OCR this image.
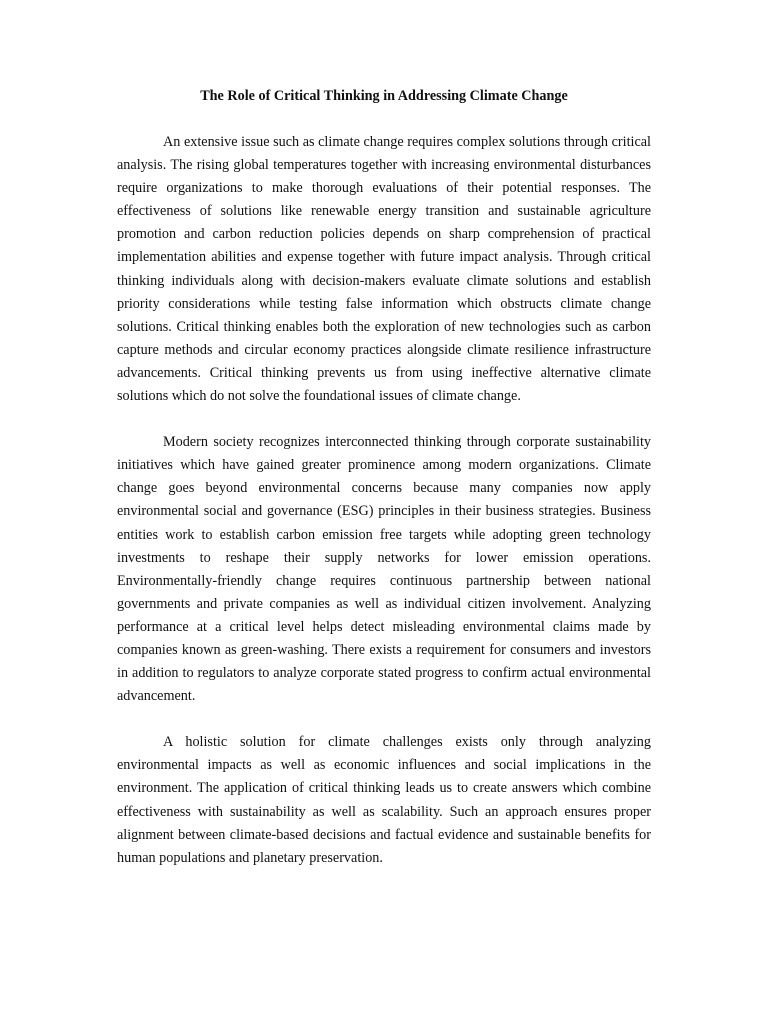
The Role of Critical Thinking in Addressing Climate Change

An extensive issue such as climate change requires complex solutions through critical analysis. The rising global temperatures together with increasing environmental disturbances require organizations to make thorough evaluations of their potential responses. The effectiveness of solutions like renewable energy transition and sustainable agriculture promotion and carbon reduction policies depends on sharp comprehension of practical implementation abilities and expense together with future impact analysis. Through critical thinking individuals along with decision-makers evaluate climate solutions and establish priority considerations while testing false information which obstructs climate change solutions. Critical thinking enables both the exploration of new technologies such as carbon capture methods and circular economy practices alongside climate resilience infrastructure advancements. Critical thinking prevents us from using ineffective alternative climate solutions which do not solve the foundational issues of climate change.

Modern society recognizes interconnected thinking through corporate sustainability initiatives which have gained greater prominence among modern organizations. Climate change goes beyond environmental concerns because many companies now apply environmental social and governance (ESG) principles in their business strategies. Business entities work to establish carbon emission free targets while adopting green technology investments to reshape their supply networks for lower emission operations. Environmentally-friendly change requires continuous partnership between national governments and private companies as well as individual citizen involvement. Analyzing performance at a critical level helps detect misleading environmental claims made by companies known as green-washing. There exists a requirement for consumers and investors in addition to regulators to analyze corporate stated progress to confirm actual environmental advancement.

A holistic solution for climate challenges exists only through analyzing environmental impacts as well as economic influences and social implications in the environment. The application of critical thinking leads us to create answers which combine effectiveness with sustainability as well as scalability. Such an approach ensures proper alignment between climate-based decisions and factual evidence and sustainable benefits for human populations and planetary preservation.
